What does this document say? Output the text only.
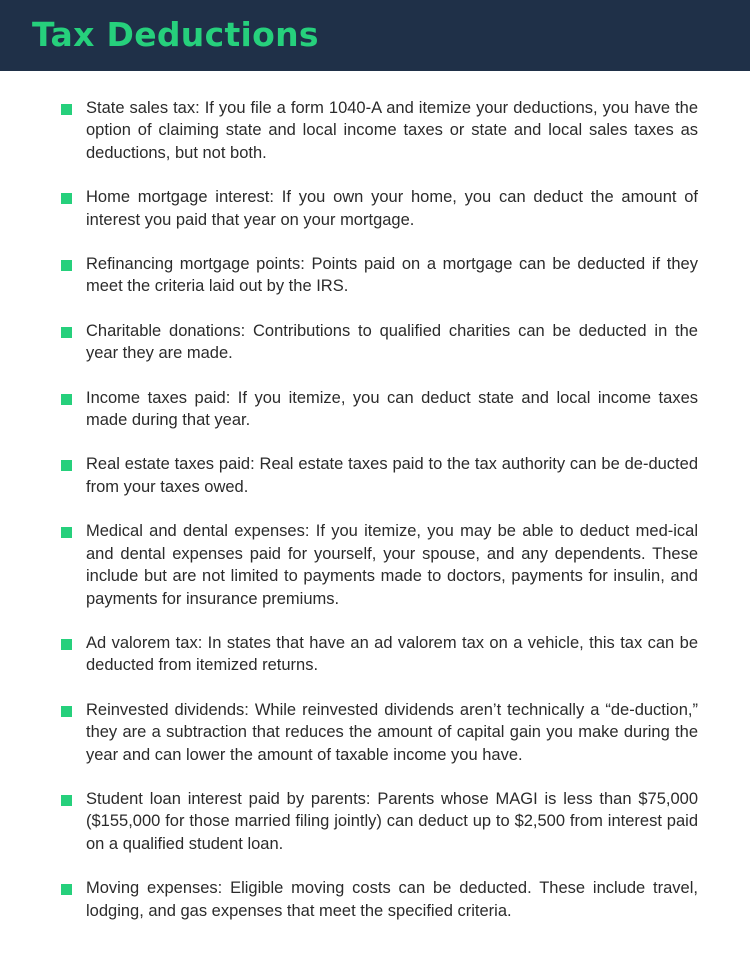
Tax Deductions
State sales tax: If you file a form 1040-A and itemize your deductions, you have the option of claiming state and local income taxes or state and local sales taxes as deductions, but not both.
Home mortgage interest: If you own your home, you can deduct the amount of interest you paid that year on your mortgage.
Refinancing mortgage points: Points paid on a mortgage can be deducted if they meet the criteria laid out by the IRS.
Charitable donations: Contributions to qualified charities can be deducted in the year they are made.
Income taxes paid: If you itemize, you can deduct state and local income taxes made during that year.
Real estate taxes paid: Real estate taxes paid to the tax authority can be de-ducted from your taxes owed.
Medical and dental expenses: If you itemize, you may be able to deduct med-ical and dental expenses paid for yourself, your spouse, and any dependents. These include but are not limited to payments made to doctors, payments for insulin, and payments for insurance premiums.
Ad valorem tax: In states that have an ad valorem tax on a vehicle, this tax can be deducted from itemized returns.
Reinvested dividends: While reinvested dividends aren’t technically a “de-duction,” they are a subtraction that reduces the amount of capital gain you make during the year and can lower the amount of taxable income you have.
Student loan interest paid by parents: Parents whose MAGI is less than $75,000 ($155,000 for those married filing jointly) can deduct up to $2,500 from interest paid on a qualified student loan.
Moving expenses: Eligible moving costs can be deducted. These include travel, lodging, and gas expenses that meet the specified criteria.
